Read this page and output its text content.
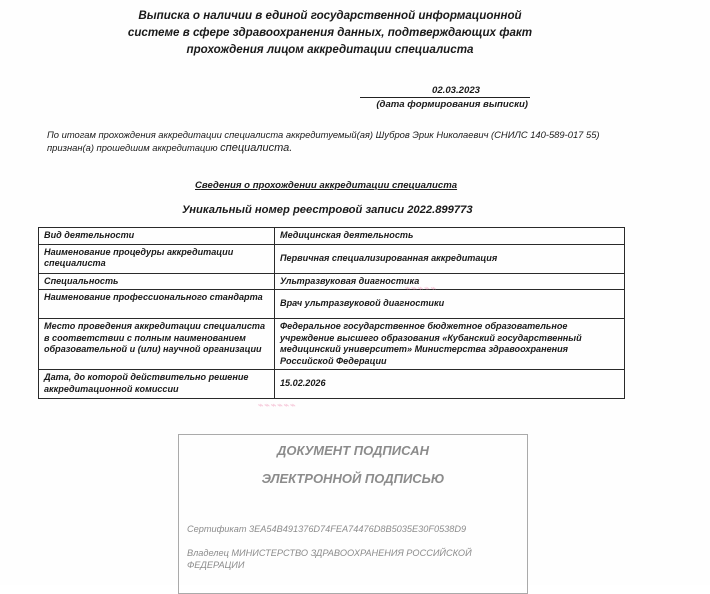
Выписка о наличии в единой государственной информационной
системе в сфере здравоохранения данных, подтверждающих факт
прохождения лицом аккредитации специалиста
02.03.2023
(дата формирования выписки)
По итогам прохождения аккредитации специалиста аккредитуемый(ая) Шубров Эрик Николаевич (СНИЛС 140-589-017 55) признан(а) прошедшим аккредитацию специалиста.
Сведения о прохождении аккредитации специалиста
Уникальный номер реестровой записи 2022.899773
Вид деятельности	Медицинская деятельность
Наименование процедуры аккредитации специалиста	Первичная специализированная аккредитация
Специальность	Ультразвуковая диагностика
Наименование профессионального стандарта	Врач ультразвуковой диагностики
Место проведения аккредитации специалиста в соответствии с полным наименованием образовательной и (или) научной организации	Федеральное государственное бюджетное образовательное учреждение высшего образования «Кубанский государственный медицинский университет» Министерства здравоохранения Российской Федерации
Дата, до которой действительно решение аккредитационной комиссии	15.02.2026
⌁⌁⌁⌁⌁
⌁⌁⌁⌁⌁⌁
ДОКУМЕНТ ПОДПИСАН
ЭЛЕКТРОННОЙ ПОДПИСЬЮ
Сертификат 3EA54B491376D74FEA74476D8B5035E30F0538D9
Владелец МИНИСТЕРСТВО ЗДРАВООХРАНЕНИЯ РОССИЙСКОЙ ФЕДЕРАЦИИ
